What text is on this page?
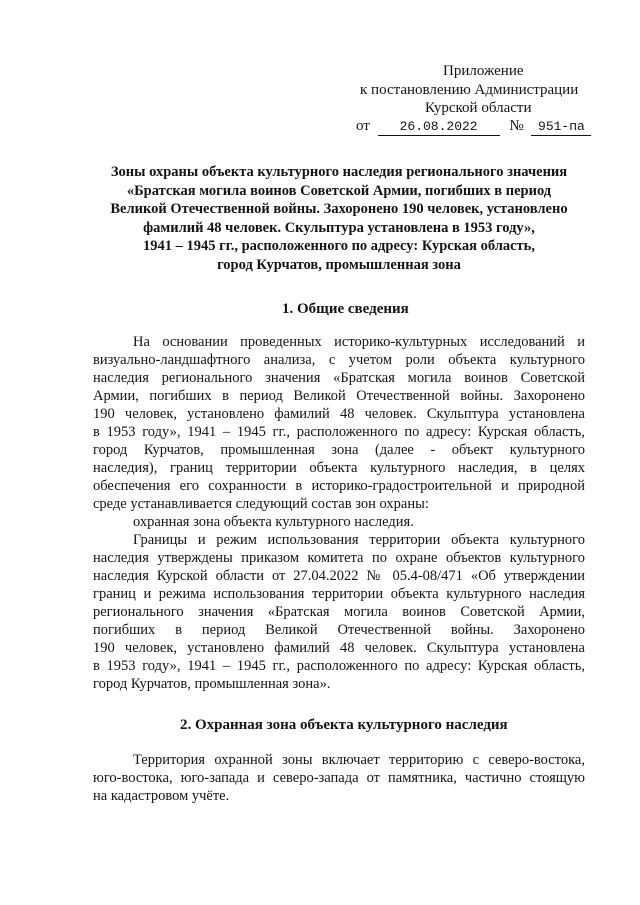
Приложение
к постановлению Администрации
Курской области
от 26.08.2022 № 951-па
Зоны охраны объекта культурного наследия регионального значения
«Братская могила воинов Советской Армии, погибших в период
Великой Отечественной войны. Захоронено 190 человек, установлено
фамилий 48 человек. Скульптура установлена в 1953 году»,
1941 – 1945 гг., расположенного по адресу: Курская область,
город Курчатов, промышленная зона
1. Общие сведения
На основании проведенных историко-культурных исследований и
визуально-ландшафтного анализа, с учетом роли объекта культурного
наследия регионального значения «Братская могила воинов Советской
Армии, погибших в период Великой Отечественной войны. Захоронено
190 человек, установлено фамилий 48 человек. Скульптура установлена
в 1953 году», 1941 – 1945 гг., расположенного по адресу: Курская область,
город Курчатов, промышленная зона (далее - объект культурного
наследия), границ территории объекта культурного наследия, в целях
обеспечения его сохранности в историко-градостроительной и природной
среде устанавливается следующий состав зон охраны:
охранная зона объекта культурного наследия.
Границы и режим использования территории объекта культурного
наследия утверждены приказом комитета по охране объектов культурного
наследия Курской области от 27.04.2022 № 05.4-08/471 «Об утверждении
границ и режима использования территории объекта культурного наследия
регионального значения «Братская могила воинов Советской Армии,
погибших в период Великой Отечественной войны. Захоронено
190 человек, установлено фамилий 48 человек. Скульптура установлена
в 1953 году», 1941 – 1945 гг., расположенного по адресу: Курская область,
город Курчатов, промышленная зона».
2. Охранная зона объекта культурного наследия
Территория охранной зоны включает территорию с северо-востока,
юго-востока, юго-запада и северо-запада от памятника, частично стоящую
на кадастровом учёте.
